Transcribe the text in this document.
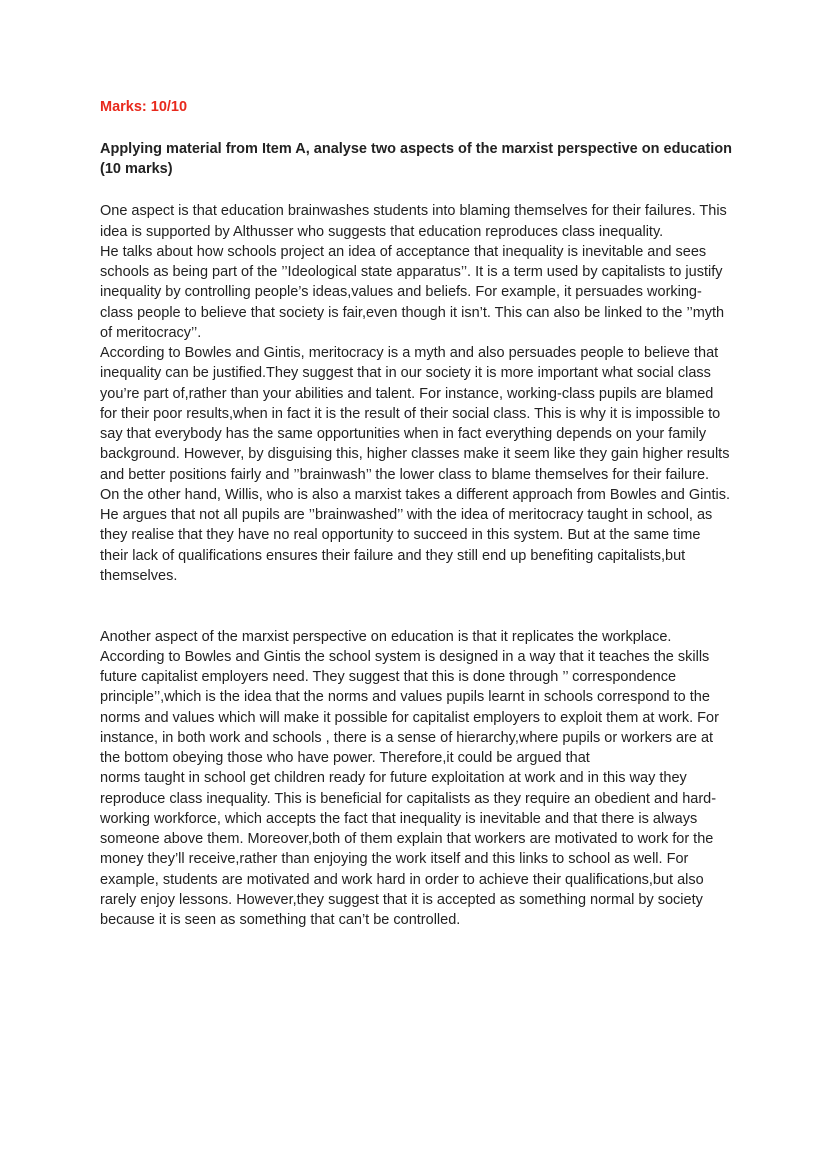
Marks: 10/10

Applying material from Item A, analyse two aspects of the marxist perspective on education (10 marks)

One aspect is that education brainwashes students into blaming themselves for their failures. This idea is supported by Althusser who suggests that education reproduces class inequality.

He talks about how schools project an idea of acceptance that inequality is inevitable and sees schools as being part of the ’’Ideological state apparatus’’. It is a term used by capitalists to justify inequality by controlling people’s ideas,values and beliefs. For example, it persuades working-class people to believe that society is fair,even though it isn’t. This can also be linked to the ’’myth of meritocracy’’.

According to Bowles and Gintis, meritocracy is a myth and also persuades people to believe that inequality can be justified.They suggest that in our society it is more important what social class you’re part of,rather than your abilities and talent. For instance, working-class pupils are blamed for their poor results,when in fact it is the result of their social class. This is why it is impossible to say that everybody has the same opportunities when in fact everything depends on your family background. However, by disguising this, higher classes make it seem like they gain higher results and better positions fairly and ’’brainwash’’ the lower class to blame themselves for their failure.

On the other hand, Willis, who is also a marxist takes a different approach from Bowles and Gintis. He argues that not all pupils are ’’brainwashed’’ with the idea of meritocracy taught in school, as they realise that they have no real opportunity to succeed in this system. But at the same time their lack of qualifications ensures their failure and they still end up benefiting capitalists,but themselves.

Another aspect of the marxist perspective on education is that it replicates the workplace. According to Bowles and Gintis the school system is designed in a way that it teaches the skills future capitalist employers need. They suggest that this is done through ’’ correspondence principle’’,which is the idea that the norms and values pupils learnt in schools correspond to the norms and values which will make it possible for capitalist employers to exploit them at work. For instance, in both work and schools , there is a sense of hierarchy,where pupils or workers are at the bottom obeying those who have power. Therefore,it could be argued that

norms taught in school get children ready for future exploitation at work and in this way they reproduce class inequality. This is beneficial for capitalists as they require an obedient and hard-working workforce, which accepts the fact that inequality is inevitable and that there is always someone above them. Moreover,both of them explain that workers are motivated to work for the money they’ll receive,rather than enjoying the work itself and this links to school as well. For example, students are motivated and work hard in order to achieve their qualifications,but also rarely enjoy lessons. However,they suggest that it is accepted as something normal by society because it is seen as something that can’t be controlled.
